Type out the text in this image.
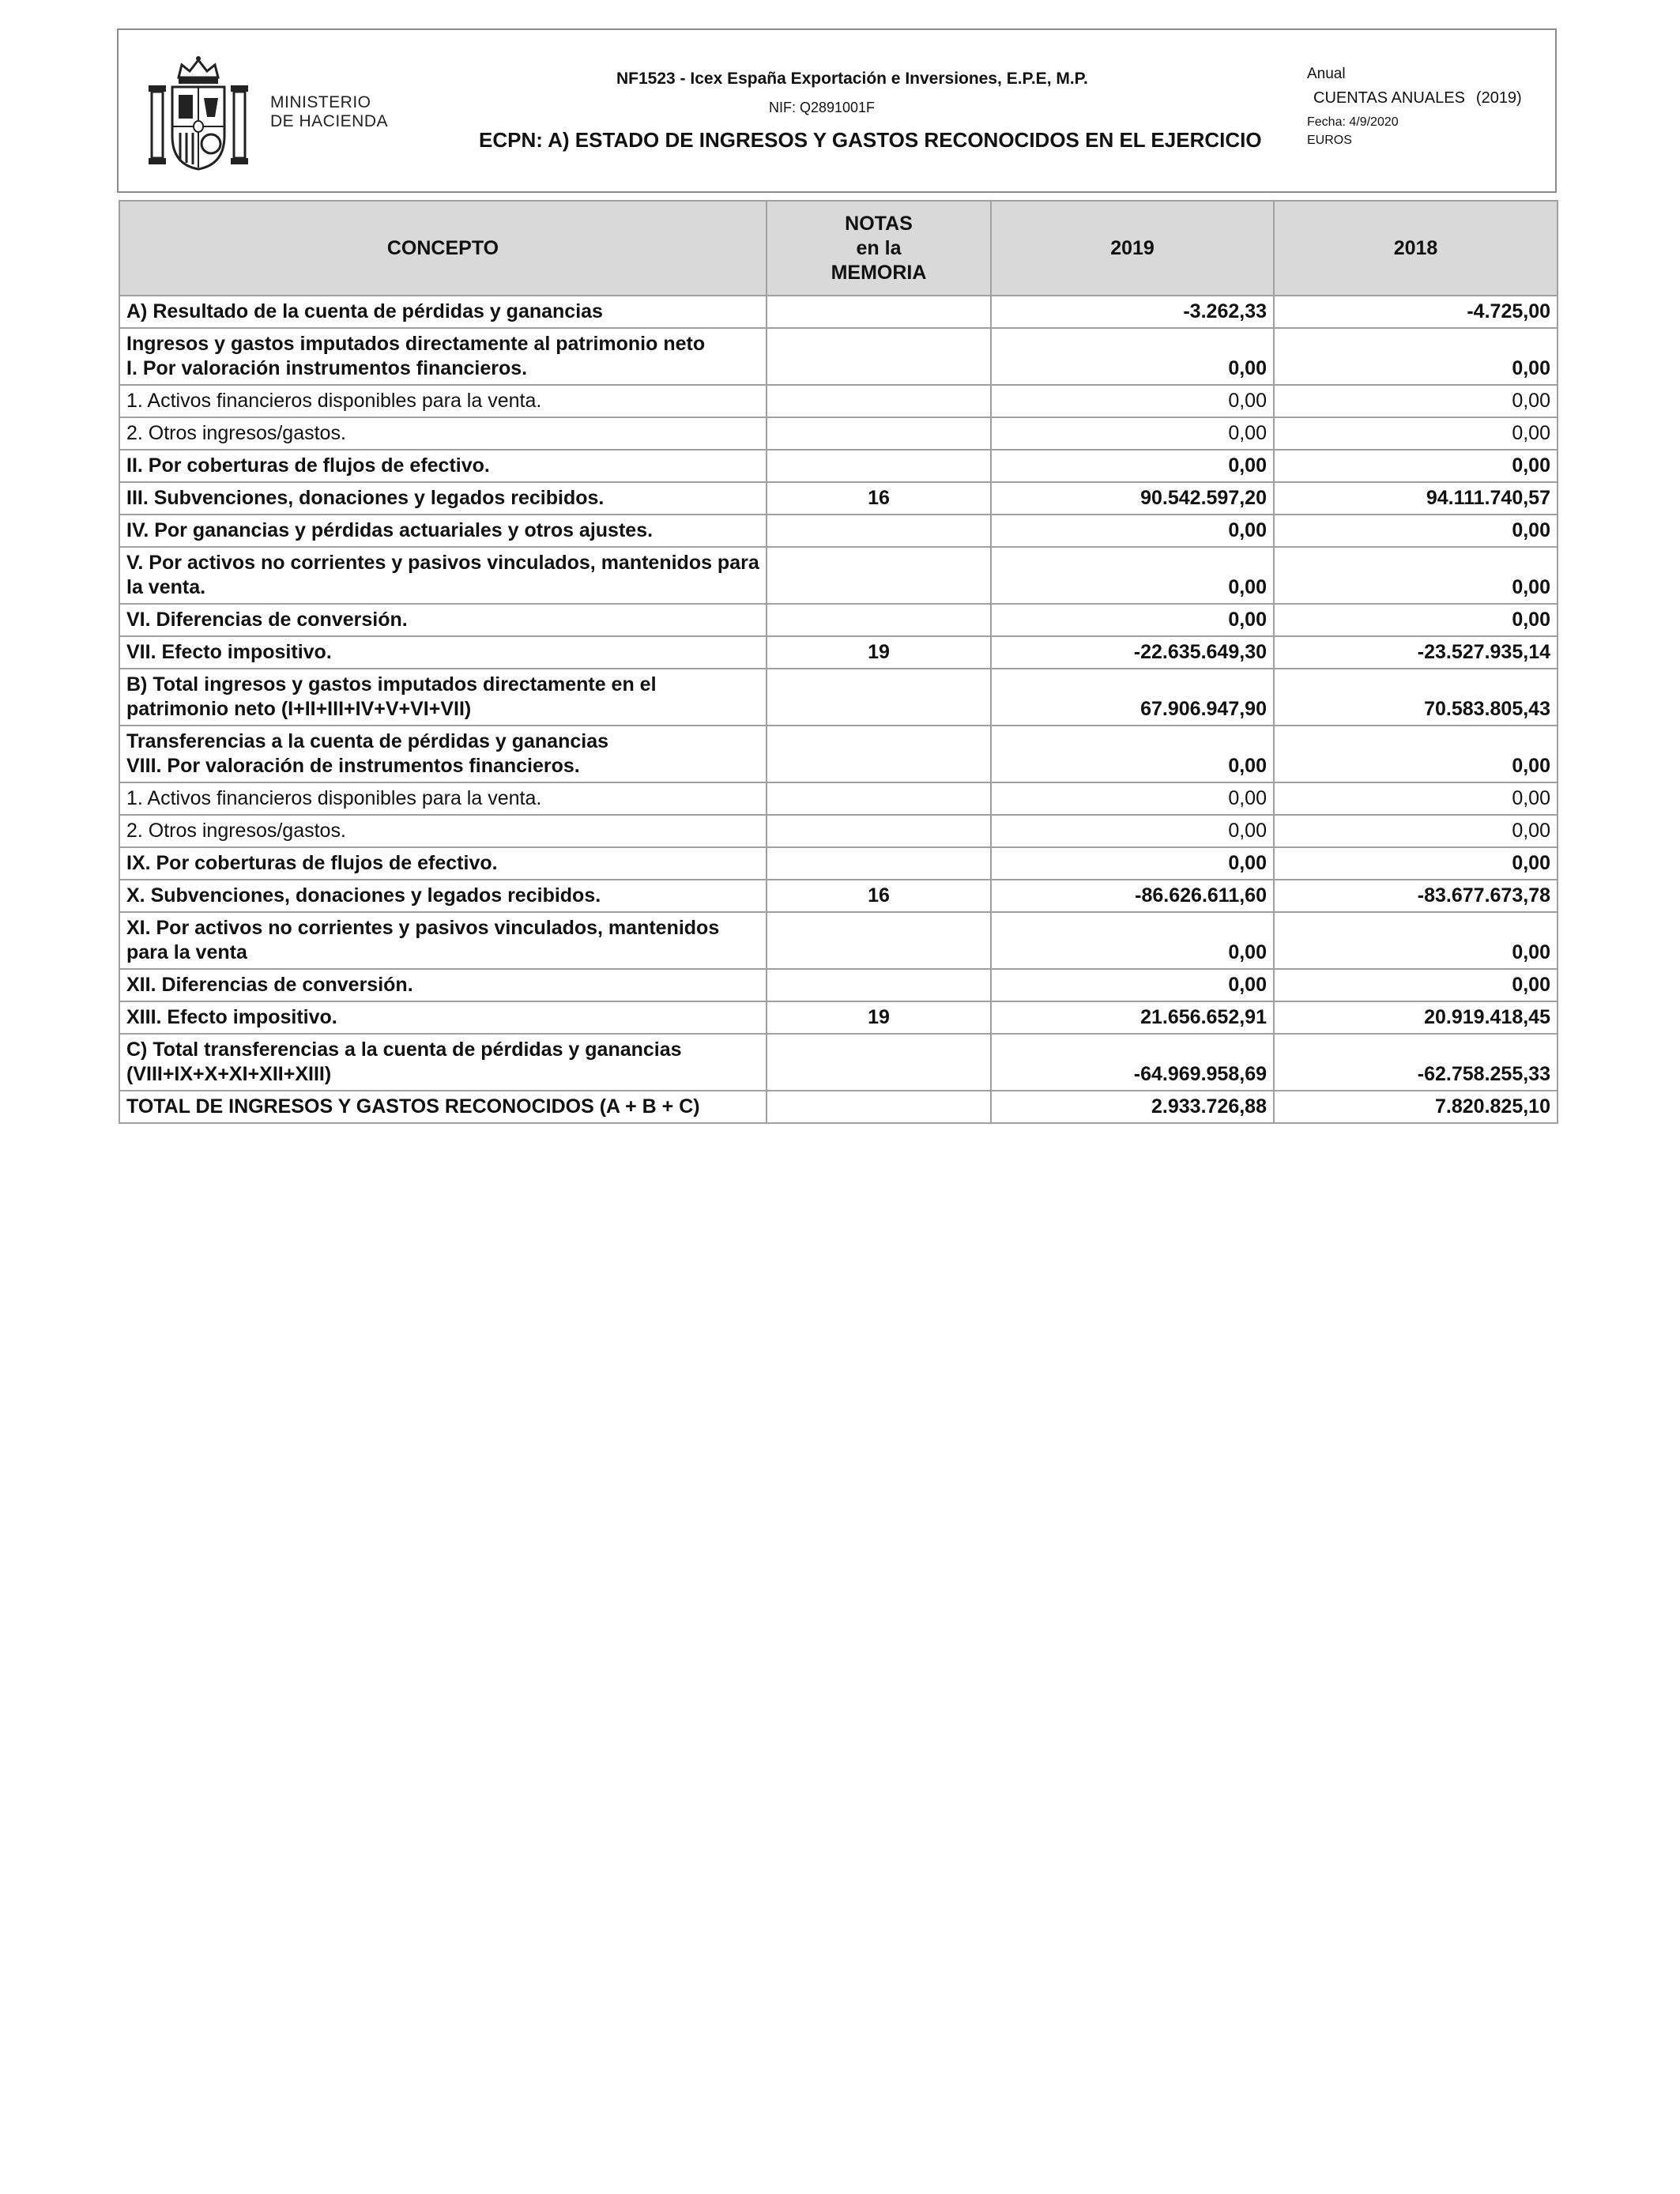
MINISTERIO
DE HACIENDA
NF1523 - Icex España Exportación e Inversiones, E.P.E, M.P.
NIF: Q2891001F
ECPN: A) ESTADO DE INGRESOS Y GASTOS RECONOCIDOS EN EL EJERCICIO
Anual
CUENTAS ANUALES (2019)
Fecha: 4/9/2020
EUROS
CONCEPTO	NOTAS
en la
MEMORIA	2019	2018
A) Resultado de la cuenta de pérdidas y ganancias		-3.262,33	-4.725,00
Ingresos y gastos imputados directamente al patrimonio neto
I. Por valoración instrumentos financieros.		0,00	0,00
1. Activos financieros disponibles para la venta.		0,00	0,00
2. Otros ingresos/gastos.		0,00	0,00
II. Por coberturas de flujos de efectivo.		0,00	0,00
III. Subvenciones, donaciones y legados recibidos.	16	90.542.597,20	94.111.740,57
IV. Por ganancias y pérdidas actuariales y otros ajustes.		0,00	0,00
V. Por activos no corrientes y pasivos vinculados, mantenidos para la venta.		0,00	0,00
VI. Diferencias de conversión.		0,00	0,00
VII. Efecto impositivo.	19	-22.635.649,30	-23.527.935,14
B) Total ingresos y gastos imputados directamente en el patrimonio neto (I+II+III+IV+V+VI+VII)		67.906.947,90	70.583.805,43
Transferencias a la cuenta de pérdidas y ganancias
VIII. Por valoración de instrumentos financieros.		0,00	0,00
1. Activos financieros disponibles para la venta.		0,00	0,00
2. Otros ingresos/gastos.		0,00	0,00
IX. Por coberturas de flujos de efectivo.		0,00	0,00
X. Subvenciones, donaciones y legados recibidos.	16	-86.626.611,60	-83.677.673,78
XI. Por activos no corrientes y pasivos vinculados, mantenidos para la venta		0,00	0,00
XII. Diferencias de conversión.		0,00	0,00
XIII. Efecto impositivo.	19	21.656.652,91	20.919.418,45
C) Total transferencias a la cuenta de pérdidas y ganancias (VIII+IX+X+XI+XII+XIII)		-64.969.958,69	-62.758.255,33
TOTAL DE INGRESOS Y GASTOS RECONOCIDOS (A + B + C)		2.933.726,88	7.820.825,10
